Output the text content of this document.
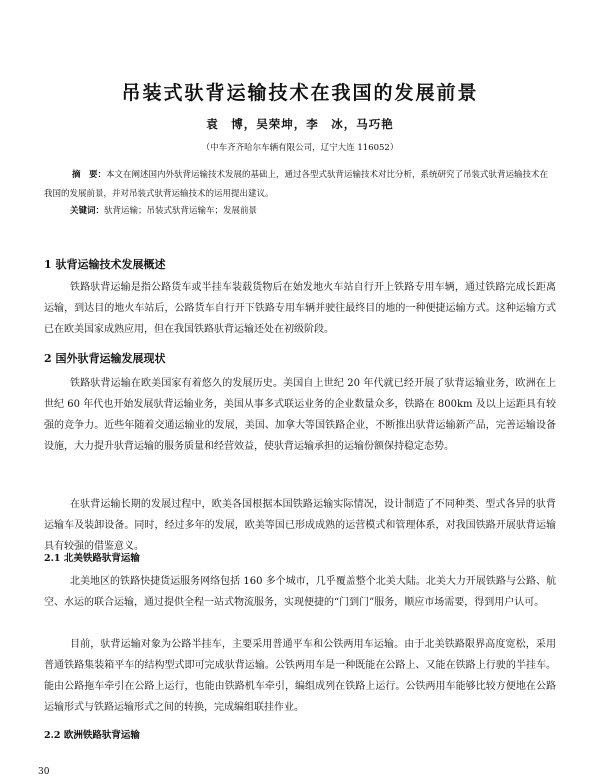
吊装式驮背运输技术在我国的发展前景
袁　博，吴荣坤，李　冰，马巧艳
（中车齐齐哈尔车辆有限公司，辽宁大连 116052）
摘　要：本文在阐述国内外驮背运输技术发展的基础上，通过各型式驮背运输技术对比分析，系统研究了吊装式驮背运输技术在我国的发展前景，并对吊装式驮背运输技术的运用提出建议。
关键词：驮背运输；吊装式驮背运输车；发展前景
1 驮背运输技术发展概述
铁路驮背运输是指公路货车或半挂车装载货物后在始发地火车站自行开上铁路专用车辆，通过铁路完成长距离运输，到达目的地火车站后，公路货车自行开下铁路专用车辆并驶往最终目的地的一种便捷运输方式。这种运输方式已在欧美国家成熟应用，但在我国铁路驮背运输还处在初级阶段。
2 国外驮背运输发展现状
铁路驮背运输在欧美国家有着悠久的发展历史。美国自上世纪 20 年代就已经开展了驮背运输业务，欧洲在上世纪 60 年代也开始发展驮背运输业务，美国从事多式联运业务的企业数量众多，铁路在 800km 及以上运距具有较强的竞争力。近些年随着交通运输业的发展，美国、加拿大等国铁路企业，不断推出驮背运输新产品，完善运输设备设施，大力提升驮背运输的服务质量和经营效益，使驮背运输承担的运输份额保持稳定态势。
在驮背运输长期的发展过程中，欧美各国根据本国铁路运输实际情况，设计制造了不同种类、型式各异的驮背运输车及装卸设备。同时，经过多年的发展，欧美等国已形成成熟的运营模式和管理体系，对我国铁路开展驮背运输具有较强的借鉴意义。
2.1 北美铁路驮背运输
北美地区的铁路快捷货运服务网络包括 160 多个城市，几乎覆盖整个北美大陆。北美大力开展铁路与公路、航空、水运的联合运输，通过提供全程一站式物流服务，实现便捷的“门到门”服务，顺应市场需要，得到用户认可。
目前，驮背运输对象为公路半挂车，主要采用普通平车和公铁两用车运输。由于北美铁路限界高度宽松，采用普通铁路集装箱平车的结构型式即可完成驮背运输。公铁两用车是一种既能在公路上、又能在铁路上行驶的半挂车。能由公路拖车牵引在公路上运行，也能由铁路机车牵引，编组成列在铁路上运行。公铁两用车能够比较方便地在公路运输形式与铁路运输形式之间的转换，完成编组联挂作业。
2.2 欧洲铁路驮背运输
30
